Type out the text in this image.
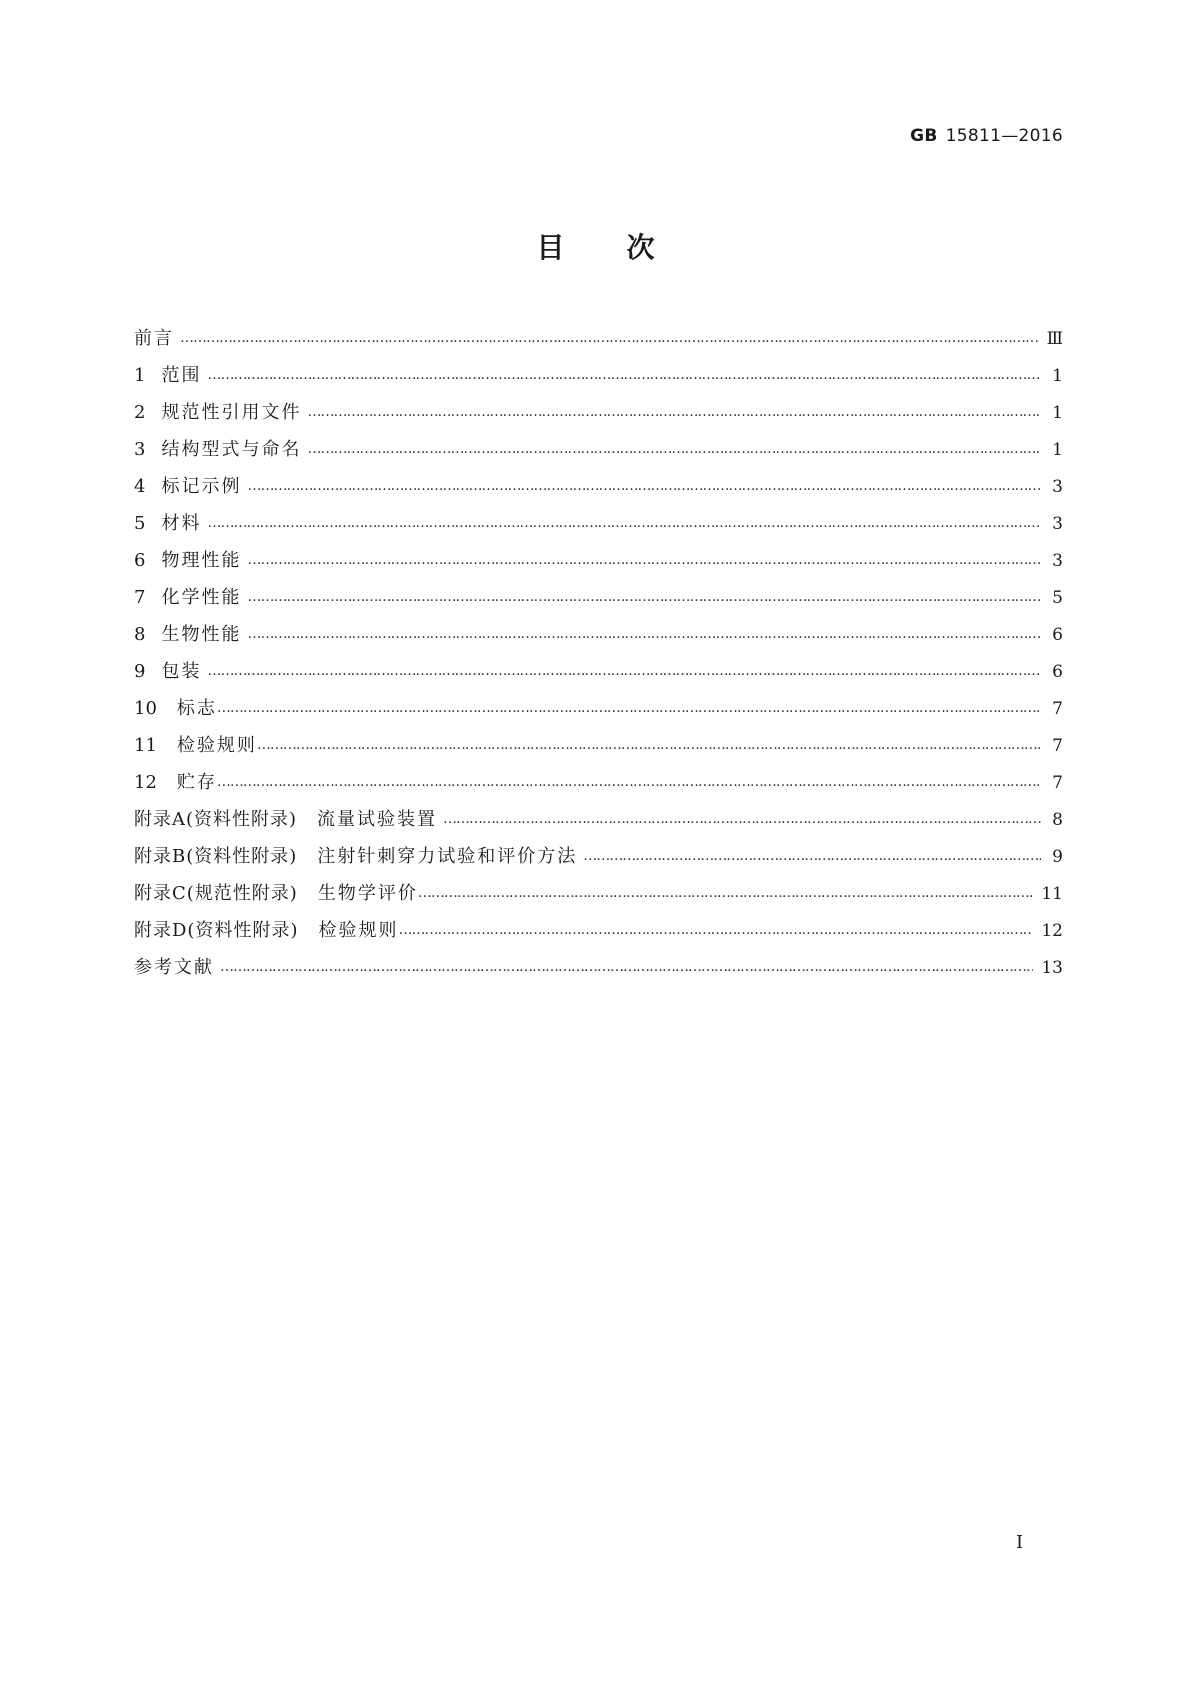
GB 15811—2016
目次
前言 ……………………………………………………………………………………………………………………………………………………………………………………………………………………………………………	Ⅲ
1 范围 ……………………………………………………………………………………………………………………………………………………………………………………………………………………………………………	1
2 规范性引用文件 ……………………………………………………………………………………………………………………………………………………………………………………………………………………………………………	1
3 结构型式与命名 ……………………………………………………………………………………………………………………………………………………………………………………………………………………………………………	1
4 标记示例 ……………………………………………………………………………………………………………………………………………………………………………………………………………………………………………	3
5 材料 ……………………………………………………………………………………………………………………………………………………………………………………………………………………………………………	3
6 物理性能 ……………………………………………………………………………………………………………………………………………………………………………………………………………………………………………	3
7 化学性能 ……………………………………………………………………………………………………………………………………………………………………………………………………………………………………………	5
8 生物性能 ……………………………………………………………………………………………………………………………………………………………………………………………………………………………………………	6
9 包装 ……………………………………………………………………………………………………………………………………………………………………………………………………………………………………………	6
10 标志 ……………………………………………………………………………………………………………………………………………………………………………………………………………………………………………	7
11 检验规则 ……………………………………………………………………………………………………………………………………………………………………………………………………………………………………………	7
12 贮存 ……………………………………………………………………………………………………………………………………………………………………………………………………………………………………………	7
附录A(资料性附录) 流量试验装置 ……………………………………………………………………………………………………………………………………………………………………………………………………………………………………………	8
附录B(资料性附录) 注射针刺穿力试验和评价方法 ……………………………………………………………………………………………………………………………………………………………………………………………………………………………………………	9
附录C(规范性附录) 生物学评价 ……………………………………………………………………………………………………………………………………………………………………………………………………………………………………………	11
附录D(资料性附录) 检验规则 ……………………………………………………………………………………………………………………………………………………………………………………………………………………………………………	12
参考文献 ……………………………………………………………………………………………………………………………………………………………………………………………………………………………………………	13
I
